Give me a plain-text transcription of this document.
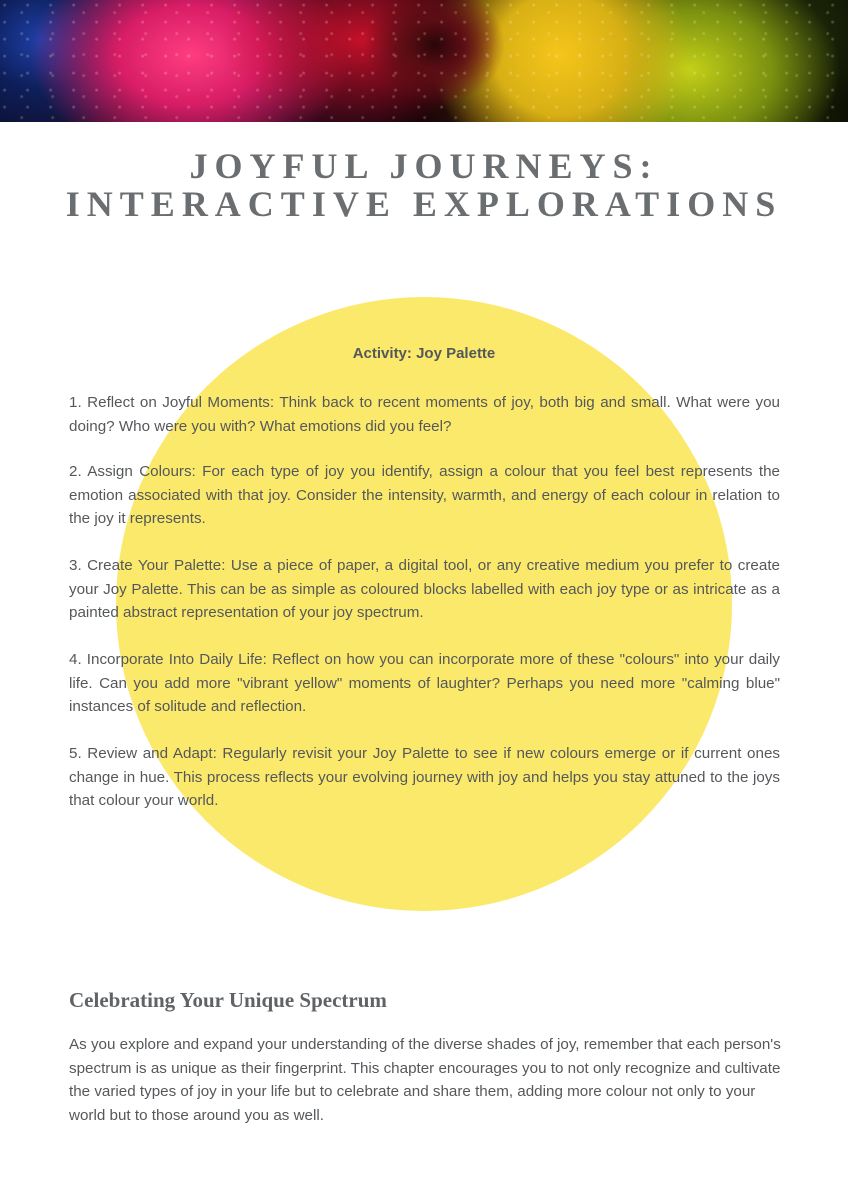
JOYFUL JOURNEYS:
INTERACTIVE EXPLORATIONS
Activity: Joy Palette

1. Reflect on Joyful Moments: Think back to recent moments of joy, both big and small. What were you doing? Who were you with? What emotions did you feel?

2. Assign Colours: For each type of joy you identify, assign a colour that you feel best represents the emotion associated with that joy. Consider the intensity, warmth, and energy of each colour in relation to the joy it represents.

3. Create Your Palette: Use a piece of paper, a digital tool, or any creative medium you prefer to create your Joy Palette. This can be as simple as coloured blocks labelled with each joy type or as intricate as a painted abstract representation of your joy spectrum.

4. Incorporate Into Daily Life: Reflect on how you can incorporate more of these "colours" into your daily life. Can you add more "vibrant yellow" moments of laughter? Perhaps you need more "calming blue" instances of solitude and reflection.

5. Review and Adapt: Regularly revisit your Joy Palette to see if new colours emerge or if current ones change in hue. This process reflects your evolving journey with joy and helps you stay attuned to the joys that colour your world.

Celebrating Your Unique Spectrum

As you explore and expand your understanding of the diverse shades of joy, remember that each person's spectrum is as unique as their fingerprint. This chapter encourages you to not only recognize and cultivate the varied types of joy in your life but to celebrate and share them, adding more colour not only to your world but to those around you as well.
